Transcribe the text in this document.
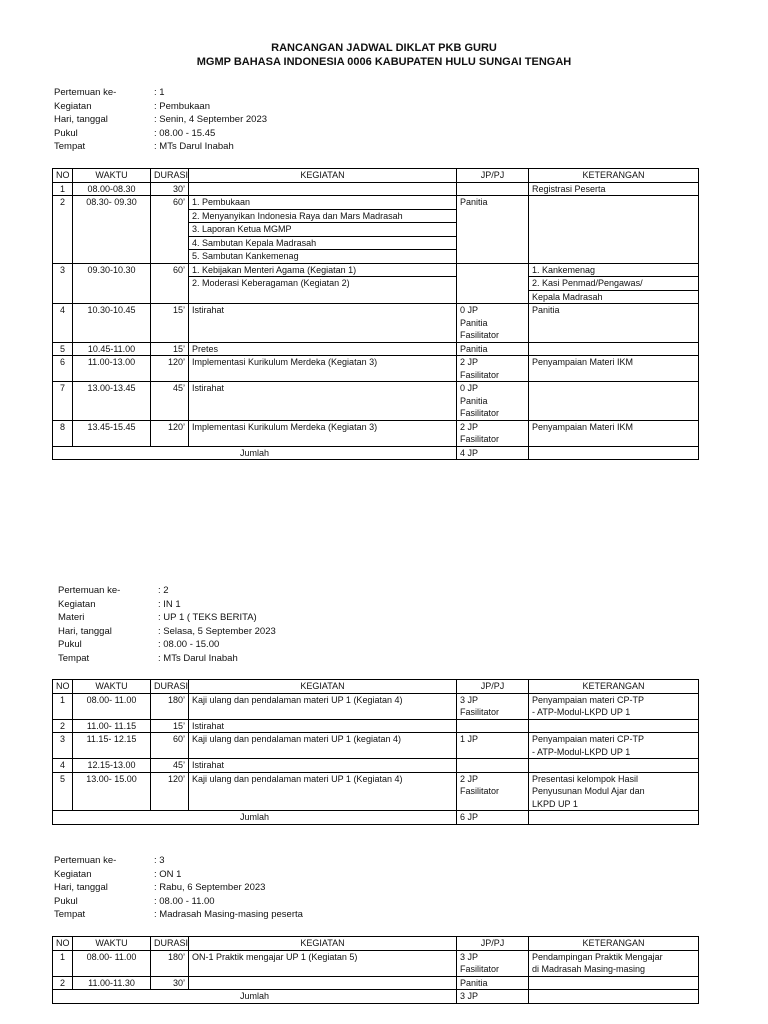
RANCANGAN JADWAL DIKLAT PKB GURU
MGMP BAHASA INDONESIA 0006 KABUPATEN HULU SUNGAI TENGAH
Pertemuan ke-	: 1
Kegiatan	: Pembukaan
Hari, tanggal	: Senin, 4 September 2023
Pukul	: 08.00 - 15.45
Tempat	: MTs Darul Inabah
NO	WAKTU	DURASI	KEGIATAN	JP/PJ	KETERANGAN
1	08.00-08.30	30’			Registrasi Peserta

2	08.30- 09.30	60’	1. Pembukaan
2. Menyanyikan Indonesia Raya dan Mars Madrasah
3. Laporan Ketua MGMP
4. Sambutan Kepala Madrasah
5. Sambutan Kankemenag	Panitia	

3	09.30-10.30	60’	1. Kebijakan Menteri Agama (Kegiatan 1)
2. Moderasi Keberagaman (Kegiatan 2)		1. Kankemenag
2. Kasi Penmad/Pengawas/
Kepala Madrasah

4	10.30-10.45	15’	Istirahat	0 JP
Panitia
Fasilitator	Panitia

5	10.45-11.00	15’	Pretes	Panitia	

6	11.00-13.00	120’	Implementasi Kurikulum Merdeka (Kegiatan 3)	2 JP
Fasilitator	Penyampaian Materi IKM

7	13.00-13.45	45’	Istirahat	0 JP
Panitia
Fasilitator	

8	13.45-15.45	120’	Implementasi Kurikulum Merdeka (Kegiatan 3)	2 JP
Fasilitator	Penyampaian Materi IKM

Jumlah				4 JP	
Pertemuan ke-	: 2
Kegiatan	: IN 1
Materi	: UP 1 ( TEKS BERITA)
Hari, tanggal	: Selasa, 5 September 2023
Pukul	: 08.00 - 15.00
Tempat	: MTs Darul Inabah
NO	WAKTU	DURASI	KEGIATAN	JP/PJ	KETERANGAN
1	08.00- 11.00	180’	Kaji ulang dan pendalaman materi UP 1 (Kegiatan 4)	3 JP
Fasilitator	Penyampaian materi CP-TP
- ATP-Modul-LKPD UP 1

2	11.00- 11.15	15’	Istirahat		

3	11.15- 12.15	60’	Kaji ulang dan pendalaman materi UP 1 (kegiatan 4)	1 JP	Penyampaian materi CP-TP
- ATP-Modul-LKPD UP 1

4	12.15-13.00	45’	Istirahat		

5	13.00- 15.00	120’	Kaji ulang dan pendalaman materi UP 1 (Kegiatan 4)	2 JP
Fasilitator	Presentasi kelompok Hasil
Penyusunan Modul Ajar dan
LKPD UP 1

Jumlah				6 JP	
Pertemuan ke-	: 3
Kegiatan	: ON 1
Hari, tanggal	: Rabu, 6 September 2023
Pukul	: 08.00 - 11.00
Tempat	: Madrasah Masing-masing peserta
NO	WAKTU	DURASI	KEGIATAN	JP/PJ	KETERANGAN
1	08.00- 11.00	180’	ON-1 Praktik mengajar UP 1 (Kegiatan 5)	3 JP
Fasilitator	Pendampingan Praktik Mengajar
di Madrasah Masing-masing

2	11.00-11.30	30’		Panitia	

Jumlah				3 JP	
